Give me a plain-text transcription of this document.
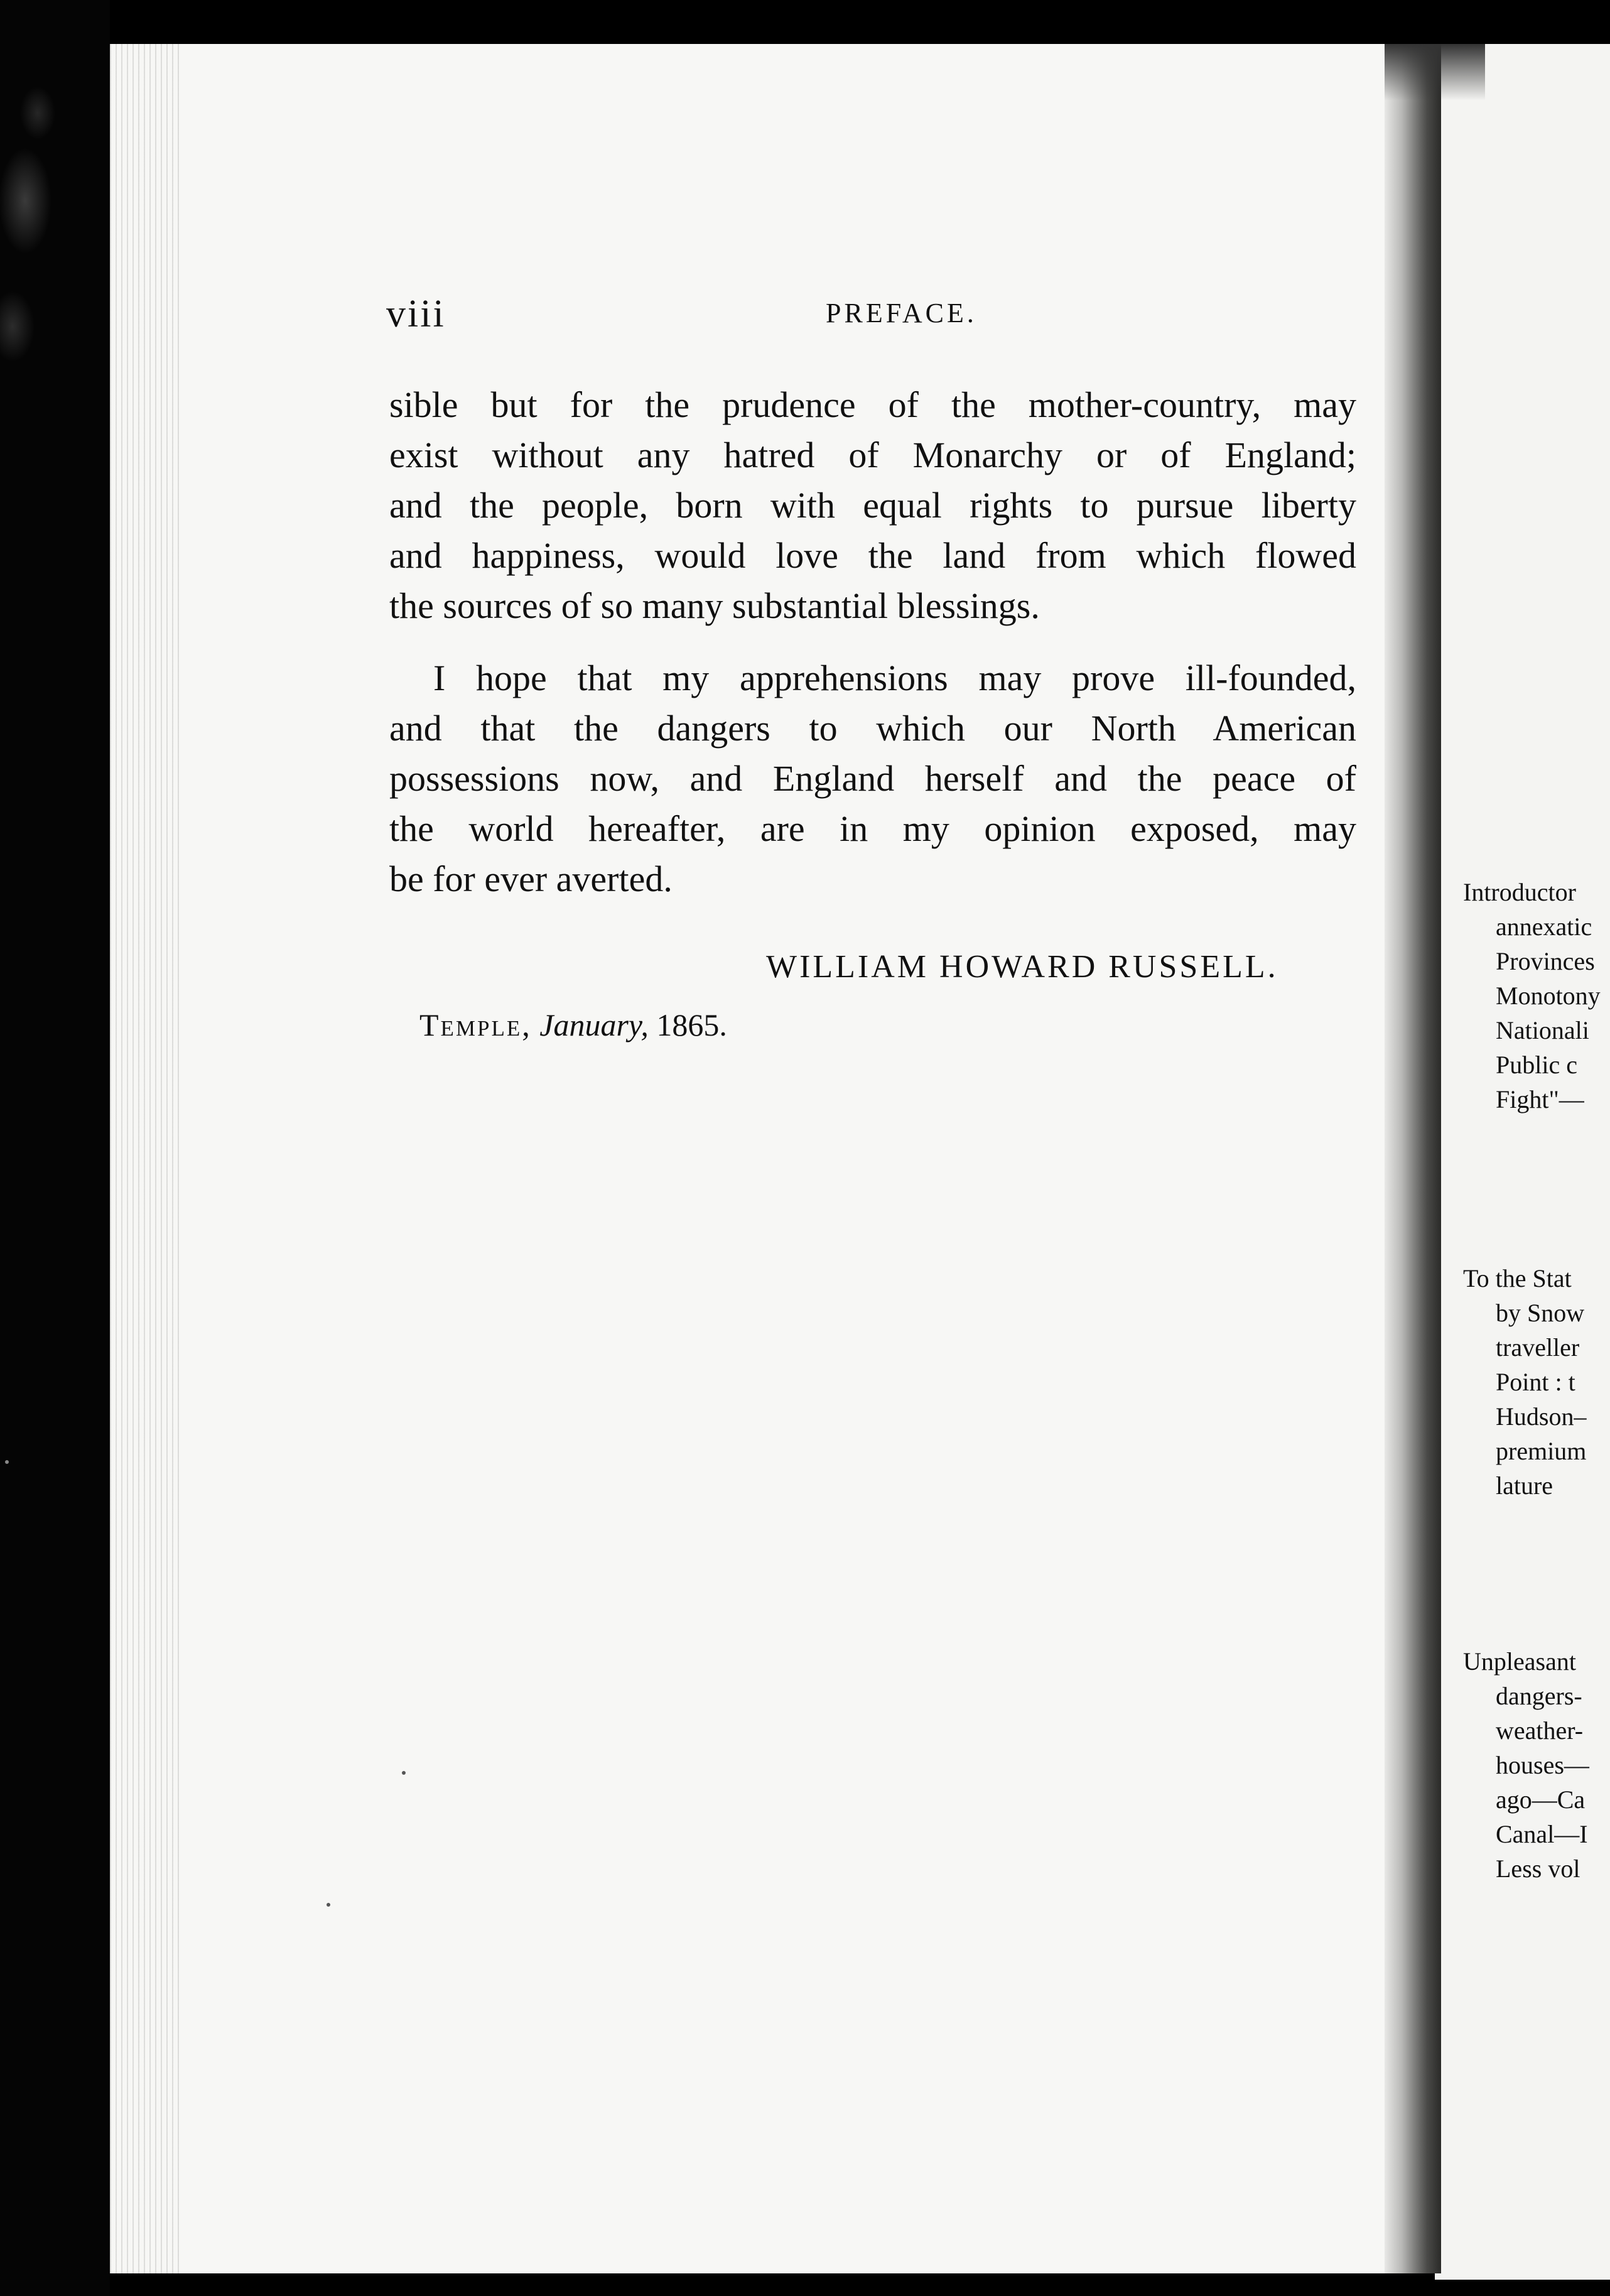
viii	PREFACE.
sible but for the prudence of the mother-country, may
exist without any hatred of Monarchy or of England;
and the people, born with equal rights to pursue liberty
and happiness, would love the land from which flowed
the sources of so many substantial blessings.
I hope that my apprehensions may prove ill-founded,
and that the dangers to which our North American
possessions now, and England herself and the peace of
the world hereafter, are in my opinion exposed, may
be for ever averted.
WILLIAM HOWARD RUSSELL.
Temple, January, 1865.
Introductor
annexatic
Provinces
Monotony
Nationali
Public c
Fight"—
To the Stat
by Snow
traveller
Point : t
Hudson–
premium
lature
Unpleasant
dangers-
weather-
houses—
ago—Ca
Canal—I
Less vol
